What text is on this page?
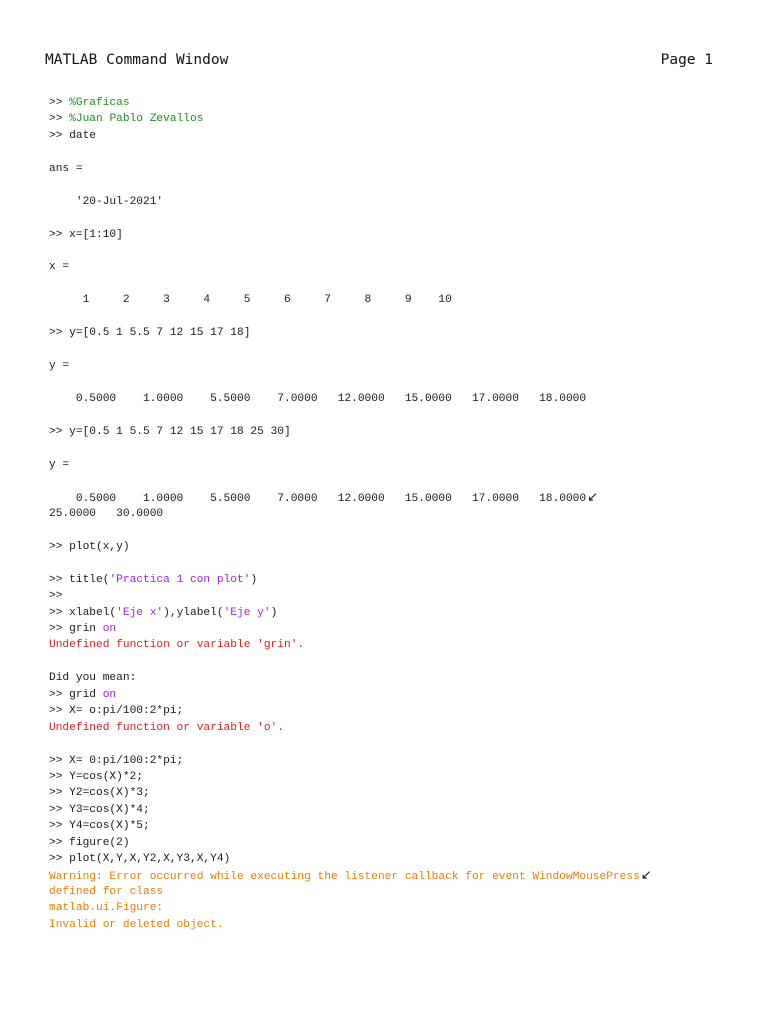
MATLAB Command Window	Page 1
>> %Graficas
>> %Juan Pablo Zevallos
>> date
ans =
'20-Jul-2021'
>> x=[1:10]
x =
1     2     3     4     5     6     7     8     9    10
>> y=[0.5 1 5.5 7 12 15 17 18]
y =
0.5000    1.0000    5.5000    7.0000   12.0000   15.0000   17.0000   18.0000
>> y=[0.5 1 5.5 7 12 15 17 18 25 30]
y =
0.5000    1.0000    5.5000    7.0000   12.0000   15.0000   17.0000   18.0000 ↙
25.0000   30.0000
>> plot(x,y)
>> title( 'Practica 1 con plot' )
>>
>> xlabel( 'Eje x' ),ylabel( 'Eje y' )
>> grin on
Undefined function or variable 'grin'.
Did you mean:
>> grid on
>> X= o:pi/100:2*pi;
Undefined function or variable 'o'.
>> X= 0:pi/100:2*pi;
>> Y=cos(X)*2;
>> Y2=cos(X)*3;
>> Y3=cos(X)*4;
>> Y4=cos(X)*5;
>> figure(2)
>> plot(X,Y,X,Y2,X,Y3,X,Y4)
Warning: Error occurred while executing the listener callback for event WindowMousePress ↙
defined for class
matlab.ui.Figure:
Invalid or deleted object.
